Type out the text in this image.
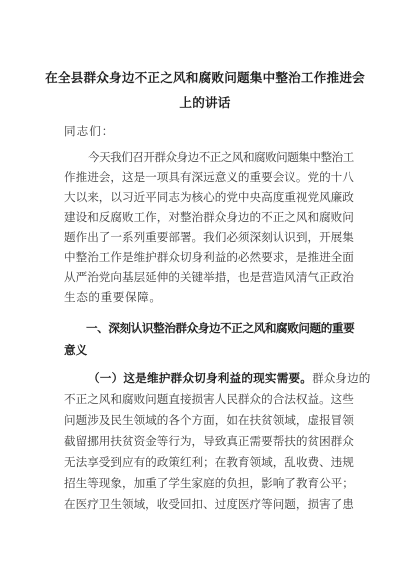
在全县群众身边不正之风和腐败问题集中整治工作推进会
上的讲话
同志们：
今天我们召开群众身边不正之风和腐败问题集中整治工
作推进会，这是一项具有深远意义的重要会议。党的十八
大以来，以习近平同志为核心的党中央高度重视党风廉政
建设和反腐败工作，对整治群众身边的不正之风和腐败问
题作出了一系列重要部署。我们必须深刻认识到，开展集
中整治工作是维护群众切身利益的必然要求，是推进全面
从严治党向基层延伸的关键举措，也是营造风清气正政治
生态的重要保障。
一、深刻认识整治群众身边不正之风和腐败问题的重要
意义
（一）这是维护群众切身利益的现实需要。群众身边的
不正之风和腐败问题直接损害人民群众的合法权益。这些
问题涉及民生领域的各个方面，如在扶贫领域，虚报冒领
截留挪用扶贫资金等行为，导致真正需要帮扶的贫困群众
无法享受到应有的政策红利；在教育领域，乱收费、违规
招生等现象，加重了学生家庭的负担，影响了教育公平；
在医疗卫生领域，收受回扣、过度医疗等问题，损害了患
